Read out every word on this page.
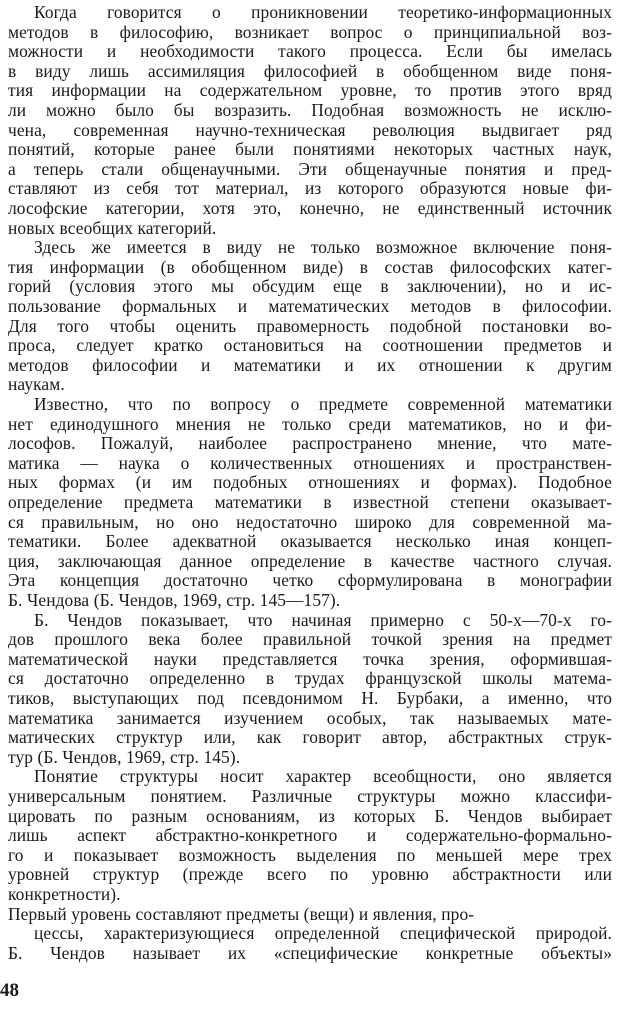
Когда говорится о проникновении теоретико-информационных
методов в философию, возникает вопрос о принципиальной воз-
можности и необходимости такого процесса. Если бы имелась
в виду лишь ассимиляция философией в обобщенном виде поня-
тия информации на содержательном уровне, то против этого вряд
ли можно было бы возразить. Подобная возможность не исклю-
чена, современная научно-техническая революция выдвигает ряд
понятий, которые ранее были понятиями некоторых частных наук,
а теперь стали общенаучными. Эти общенаучные понятия и пред-
ставляют из себя тот материал, из которого образуются новые фи-
лософские категории, хотя это, конечно, не единственный источник
новых всеобщих категорий.
Здесь же имеется в виду не только возможное включение поня-
тия информации (в обобщенном виде) в состав философских катег-
горий (условия этого мы обсудим еще в заключении), но и ис-
пользование формальных и математических методов в философии.
Для того чтобы оценить правомерность подобной постановки во-
проса, следует кратко остановиться на соотношении предметов и
методов философии и математики и их отношении к другим
наукам.
Известно, что по вопросу о предмете современной математики
нет единодушного мнения не только среди математиков, но и фи-
лософов. Пожалуй, наиболее распространено мнение, что мате-
матика — наука о количественных отношениях и пространствен-
ных формах (и им подобных отношениях и формах). Подобное
определение предмета математики в известной степени оказывает-
ся правильным, но оно недостаточно широко для современной ма-
тематики. Более адекватной оказывается несколько иная концеп-
ция, заключающая данное определение в качестве частного случая.
Эта концепция достаточно четко сформулирована в монографии
Б. Чендова (Б. Чендов, 1969, стр. 145—157).
Б. Чендов показывает, что начиная примерно с 50-х—70-х го-
дов прошлого века более правильной точкой зрения на предмет
математической науки представляется точка зрения, оформившая-
ся достаточно определенно в трудах французской школы матема-
тиков, выступающих под псевдонимом Н. Бурбаки, а именно, что
математика занимается изучением особых, так называемых мате-
матических структур или, как говорит автор, абстрактных струк-
тур (Б. Чендов, 1969, стр. 145).
Понятие структуры носит характер всеобщности, оно является
универсальным понятием. Различные структуры можно классифи-
цировать по разным основаниям, из которых Б. Чендов выбирает
лишь аспект абстрактно-конкретного и содержательно-формально-
го и показывает возможность выделения по меньшей мере трех
уровней структур (прежде всего по уровню абстрактности или
конкретности).
Первый уровень составляют предметы (вещи) и явления, про-
цессы, характеризующиеся определенной специфической природой.
Б. Чендов называет их «специфические конкретные объекты»
48
